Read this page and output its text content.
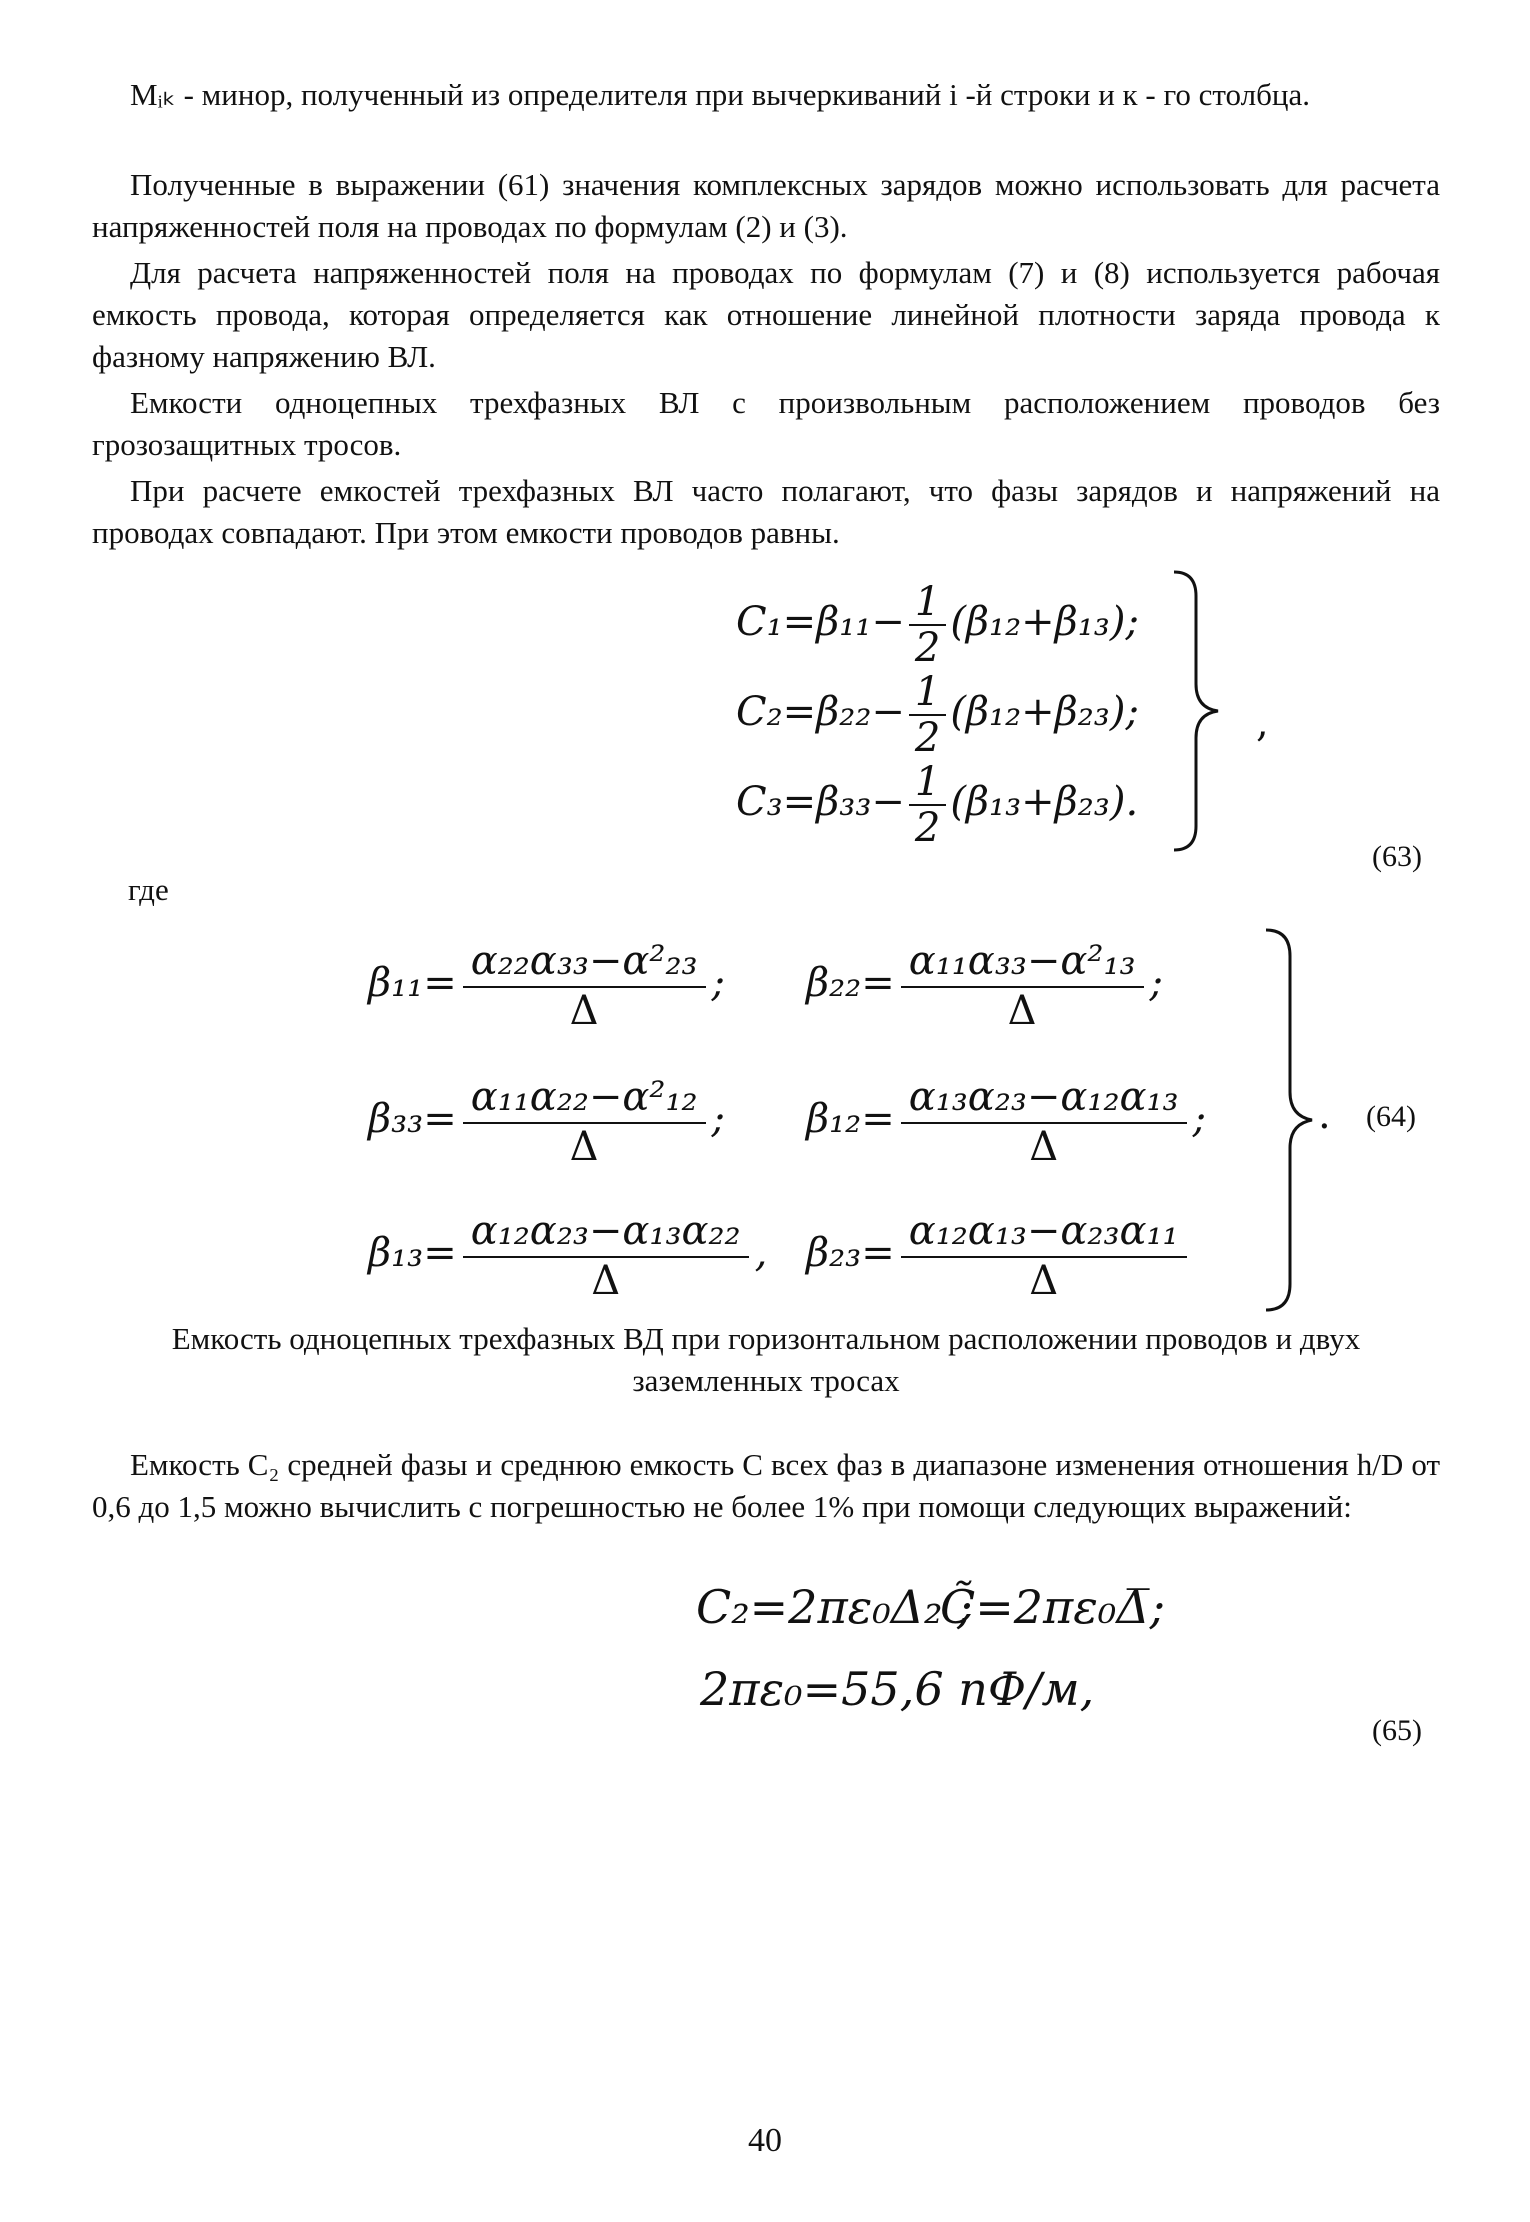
Mᵢₖ - минор, полученный из определителя при вычеркиваний i -й строки и к - го столбца.

Полученные в выражении (61) значения комплексных зарядов можно использовать для расчета напряженностей поля на проводах по формулам (2) и (3).

Для расчета напряженностей поля на проводах по формулам (7) и (8) используется рабочая емкость провода, которая определяется как отношение линейной плотности заряда провода к фазному напряжению ВЛ.

Емкости одноцепных трехфазных ВЛ с произвольным расположением проводов без грозозащитных тросов.

При расчете емкостей трехфазных ВЛ часто полагают, что фазы зарядов и напряжений на проводах совпадают. При этом емкости проводов равны.

$C_1=\beta_{11}- \frac{1}{2} (\beta_{12}+\beta_{13})$;
$C_2=\beta_{22}- \frac{1}{2} (\beta_{12}+\beta_{23})$;
$C_3=\beta_{33}- \frac{1}{2} (\beta_{13}+\beta_{23})$.
,
(63)
где
$\beta_{11}= \frac{\text{α₂₂α₃₃−α²₂₃}}{\Delta}$ ; $\beta_{22}= \frac{\text{α₁₁α₃₃−α²₁₃}}{\Delta}$ ;
$\beta_{33}= \frac{\text{α₁₁α₂₂−α²₁₂}}{\Delta}$ ; $\beta_{12}= \frac{\text{α₁₃α₂₃−α₁₂α₁₃}}{\Delta}$ ;
$\beta_{13}= \frac{\text{α₁₂α₂₃−α₁₃α₂₂}}{\Delta}$ , $\beta_{23}= \frac{\text{α₁₂α₁₃−α₂₃α₁₁}}{\Delta}$
. (64)

Емкость одноцепных трехфазных ВД при горизонтальном расположении проводов и двух заземленных тросах

Емкость C₂ средней фазы и среднюю емкость C всех фаз в диапазоне изменения отношения h/D от 0,6 до 1,5 можно вычислить с погрешностью не более 1% при помощи следующих выражений:

C₂=2πε₀Δ₂ ;
C̃=2πε₀Δ̅;
2πε₀=55,6 пФ/м,
(65)
40
